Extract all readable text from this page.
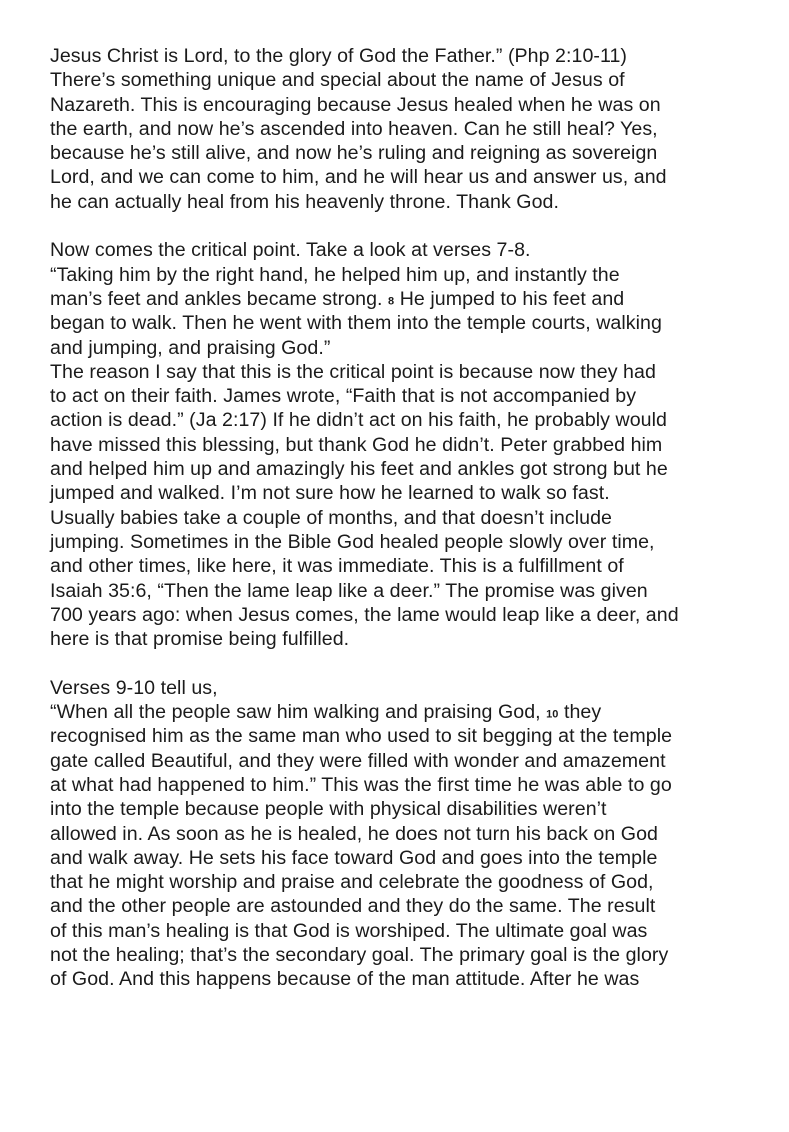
Jesus Christ is Lord, to the glory of God the Father.” (Php 2:10-11)
There’s something unique and special about the name of Jesus of
Nazareth. This is encouraging because Jesus healed when he was on
the earth, and now he’s ascended into heaven. Can he still heal? Yes,
because he’s still alive, and now he’s ruling and reigning as sovereign
Lord, and we can come to him, and he will hear us and answer us, and
he can actually heal from his heavenly throne. Thank God.
Now comes the critical point. Take a look at verses 7-8.
“Taking him by the right hand, he helped him up, and instantly the
man’s feet and ankles became strong. 8 He jumped to his feet and
began to walk. Then he went with them into the temple courts, walking
and jumping, and praising God.”
The reason I say that this is the critical point is because now they had
to act on their faith. James wrote, “Faith that is not accompanied by
action is dead.” (Ja 2:17) If he didn’t act on his faith, he probably would
have missed this blessing, but thank God he didn’t. Peter grabbed him
and helped him up and amazingly his feet and ankles got strong but he
jumped and walked. I’m not sure how he learned to walk so fast.
Usually babies take a couple of months, and that doesn’t include
jumping. Sometimes in the Bible God healed people slowly over time,
and other times, like here, it was immediate. This is a fulfillment of
Isaiah 35:6, “Then the lame leap like a deer.” The promise was given
700 years ago: when Jesus comes, the lame would leap like a deer, and
here is that promise being fulfilled.
Verses 9-10 tell us,
“When all the people saw him walking and praising God, 10 they
recognised him as the same man who used to sit begging at the temple
gate called Beautiful, and they were filled with wonder and amazement
at what had happened to him.” This was the first time he was able to go
into the temple because people with physical disabilities weren’t
allowed in. As soon as he is healed, he does not turn his back on God
and walk away. He sets his face toward God and goes into the temple
that he might worship and praise and celebrate the goodness of God,
and the other people are astounded and they do the same. The result
of this man’s healing is that God is worshiped. The ultimate goal was
not the healing; that’s the secondary goal. The primary goal is the glory
of God. And this happens because of the man attitude. After he was
